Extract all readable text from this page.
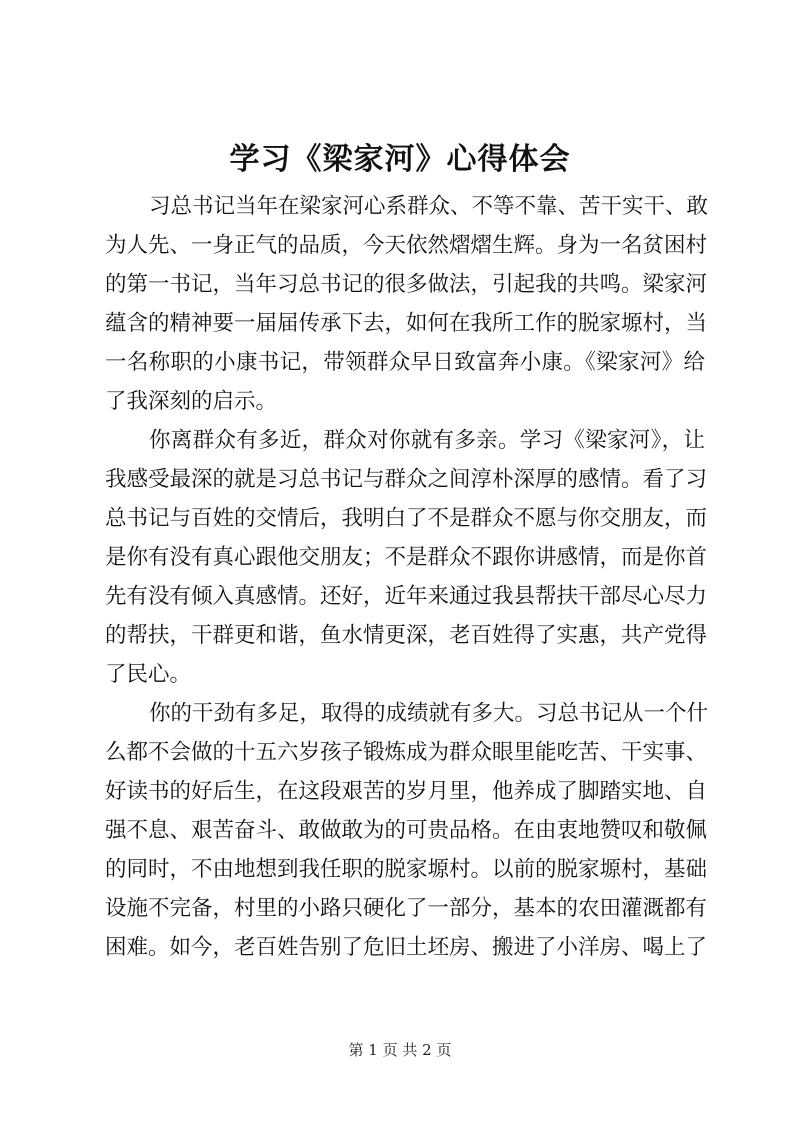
学习《梁家河》心得体会
习总书记当年在梁家河心系群众、不等不靠、苦干实干、敢
为人先、一身正气的品质，今天依然熠熠生辉。身为一名贫困村
的第一书记，当年习总书记的很多做法，引起我的共鸣。梁家河
蕴含的精神要一届届传承下去，如何在我所工作的脱家塬村，当
一名称职的小康书记，带领群众早日致富奔小康。《梁家河》给
了我深刻的启示。
你离群众有多近，群众对你就有多亲。学习《梁家河》，让
我感受最深的就是习总书记与群众之间淳朴深厚的感情。看了习
总书记与百姓的交情后，我明白了不是群众不愿与你交朋友，而
是你有没有真心跟他交朋友；不是群众不跟你讲感情，而是你首
先有没有倾入真感情。还好，近年来通过我县帮扶干部尽心尽力
的帮扶，干群更和谐，鱼水情更深，老百姓得了实惠，共产党得
了民心。
你的干劲有多足，取得的成绩就有多大。习总书记从一个什
么都不会做的十五六岁孩子锻炼成为群众眼里能吃苦、干实事、
好读书的好后生，在这段艰苦的岁月里，他养成了脚踏实地、自
强不息、艰苦奋斗、敢做敢为的可贵品格。在由衷地赞叹和敬佩
的同时，不由地想到我任职的脱家塬村。以前的脱家塬村，基础
设施不完备，村里的小路只硬化了一部分，基本的农田灌溉都有
困难。如今，老百姓告别了危旧土坯房、搬进了小洋房、喝上了
第 1 页 共 2 页
